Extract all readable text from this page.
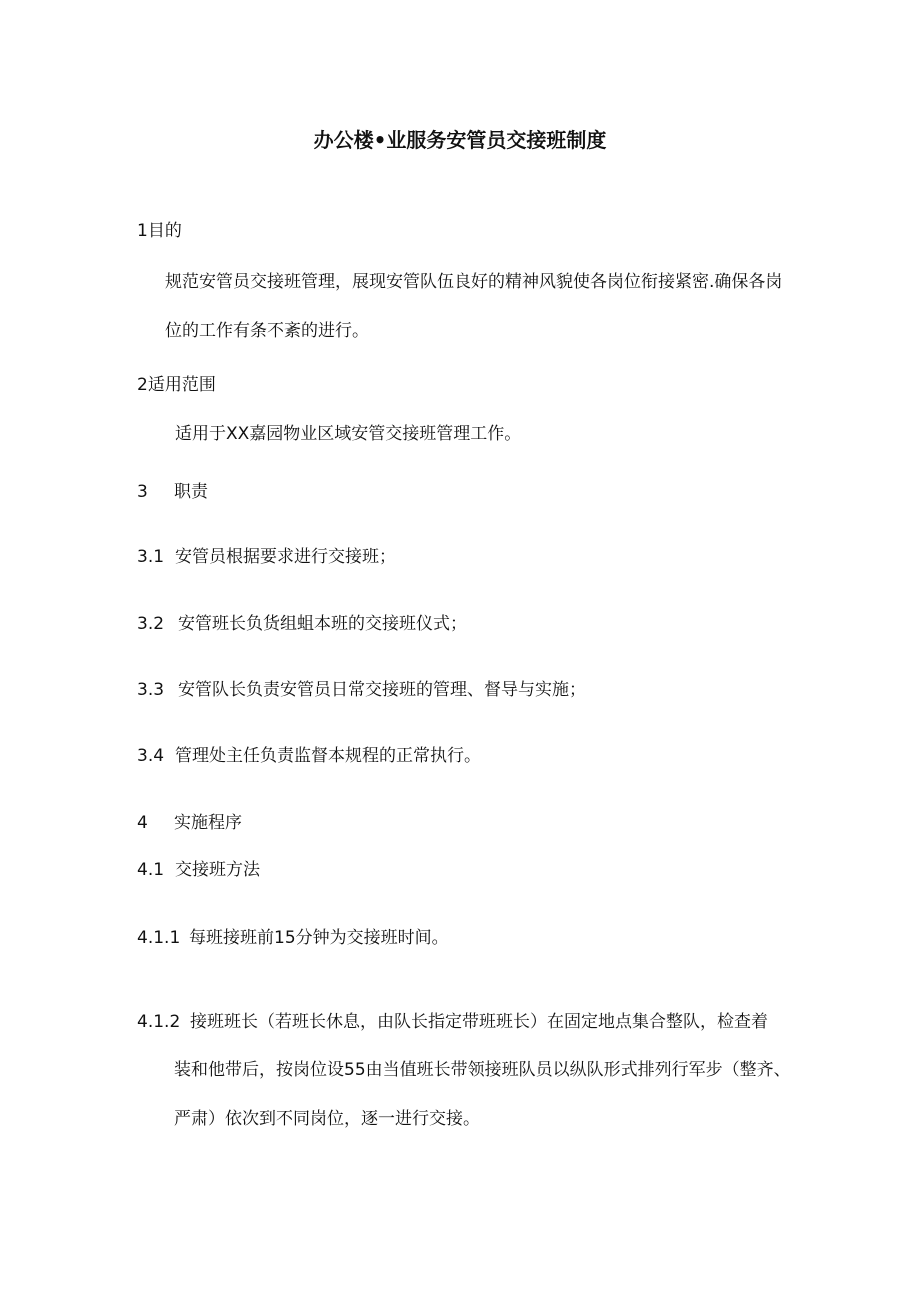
办公楼•业服务安管员交接班制度

1目的

规范安管员交接班管理，展现安管队伍良好的精神风貌使各岗位衔接紧密.确保各岗

位的工作有条不紊的进行。

2适用范围

适用于XX嘉园物业区域安管交接班管理工作。

3 职责

3.1 安管员根据要求进行交接班；

3.2 安管班长负货组蛆本班的交接班仪式；

3.3 安管队长负责安管员日常交接班的管理、督导与实施；

3.4 管理处主任负责监督本规程的正常执行。

4 实施程序

4.1 交接班方法

4.1.1 每班接班前15分钟为交接班时间。

4.1.2 接班班长（若班长休息，由队长指定带班班长）在固定地点集合整队，检查着

装和他带后，按岗位设55由当值班长带领接班队员以纵队形式排列行军步（整齐、

严肃）依次到不同岗位，逐一进行交接。
